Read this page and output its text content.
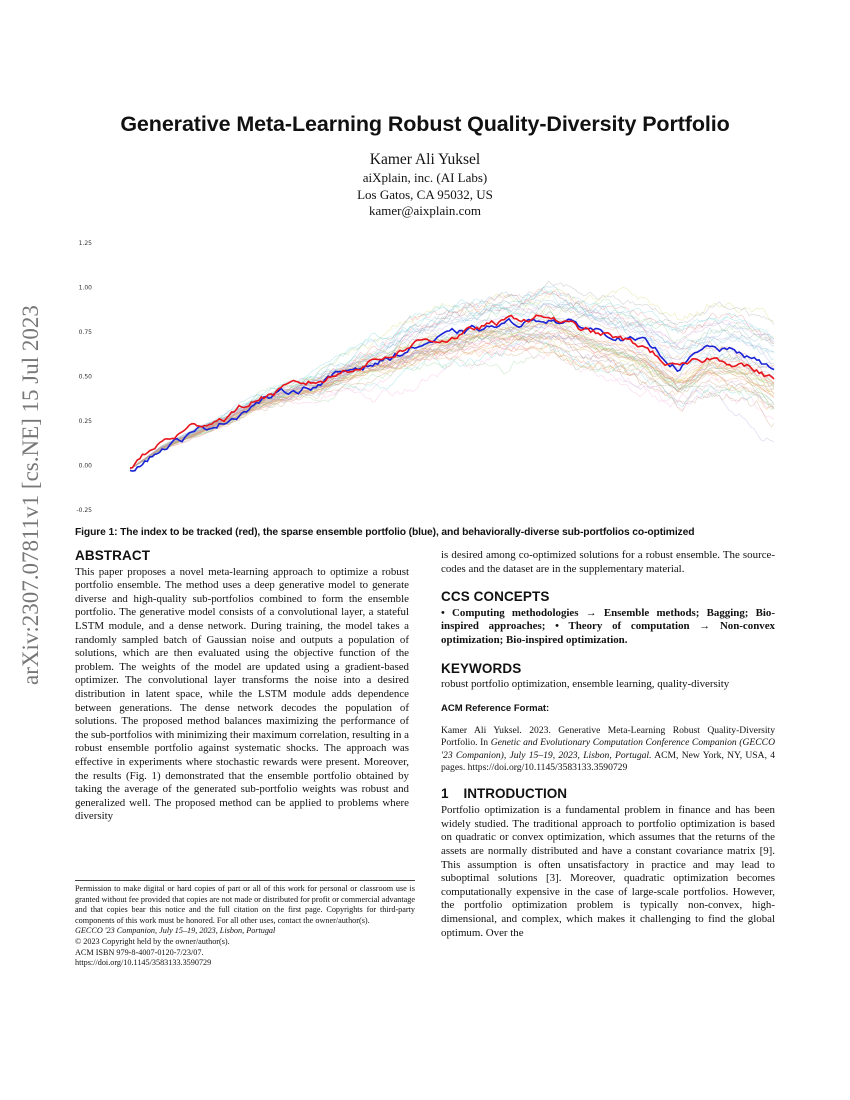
arXiv:2307.07811v1 [cs.NE] 15 Jul 2023
Generative Meta-Learning Robust Quality-Diversity Portfolio
Kamer Ali Yuksel
aiXplain, inc. (AI Labs)
Los Gatos, CA 95032, US
kamer@aixplain.com
1.25
1.00
0.75
0.50
0.25
0.00
-0.25
Figure 1: The index to be tracked (red), the sparse ensemble portfolio (blue), and behaviorally-diverse sub-portfolios co-optimized
ABSTRACT

This paper proposes a novel meta-learning approach to optimize a robust portfolio ensemble. The method uses a deep generative model to generate diverse and high-quality sub-portfolios combined to form the ensemble portfolio. The generative model consists of a convolutional layer, a stateful LSTM module, and a dense network. During training, the model takes a randomly sampled batch of Gaussian noise and outputs a population of solutions, which are then evaluated using the objective function of the problem. The weights of the model are updated using a gradient-based optimizer. The convolutional layer transforms the noise into a desired distribution in latent space, while the LSTM module adds dependence between generations. The dense network decodes the population of solutions. The proposed method balances maximizing the performance of the sub-portfolios with minimizing their maximum correlation, resulting in a robust ensemble portfolio against systematic shocks. The approach was effective in experiments where stochastic rewards were present. Moreover, the results (Fig. 1) demonstrated that the ensemble portfolio obtained by taking the average of the generated sub-portfolio weights was robust and generalized well. The proposed method can be applied to problems where diversity

Permission to make digital or hard copies of part or all of this work for personal or classroom use is granted without fee provided that copies are not made or distributed for profit or commercial advantage and that copies bear this notice and the full citation on the first page. Copyrights for third-party components of this work must be honored. For all other uses, contact the owner/author(s).
GECCO '23 Companion, July 15–19, 2023, Lisbon, Portugal
© 2023 Copyright held by the owner/author(s).
ACM ISBN 979-8-4007-0120-7/23/07.
https://doi.org/10.1145/3583133.3590729

is desired among co-optimized solutions for a robust ensemble. The source-codes and the dataset are in the supplementary material.

CCS CONCEPTS

• Computing methodologies → Ensemble methods; Bagging; Bio-inspired approaches; • Theory of computation → Non-convex optimization; Bio-inspired optimization.

KEYWORDS

robust portfolio optimization, ensemble learning, quality-diversity

ACM Reference Format:

Kamer Ali Yuksel. 2023. Generative Meta-Learning Robust Quality-Diversity Portfolio. In Genetic and Evolutionary Computation Conference Companion (GECCO '23 Companion), July 15–19, 2023, Lisbon, Portugal. ACM, New York, NY, USA, 4 pages. https://doi.org/10.1145/3583133.3590729

1    INTRODUCTION

Portfolio optimization is a fundamental problem in finance and has been widely studied. The traditional approach to portfolio optimization is based on quadratic or convex optimization, which assumes that the returns of the assets are normally distributed and have a constant covariance matrix [9]. This assumption is often unsatisfactory in practice and may lead to suboptimal solutions [3]. Moreover, quadratic optimization becomes computationally expensive in the case of large-scale portfolios. However, the portfolio optimization problem is typically non-convex, high-dimensional, and complex, which makes it challenging to find the global optimum. Over the
